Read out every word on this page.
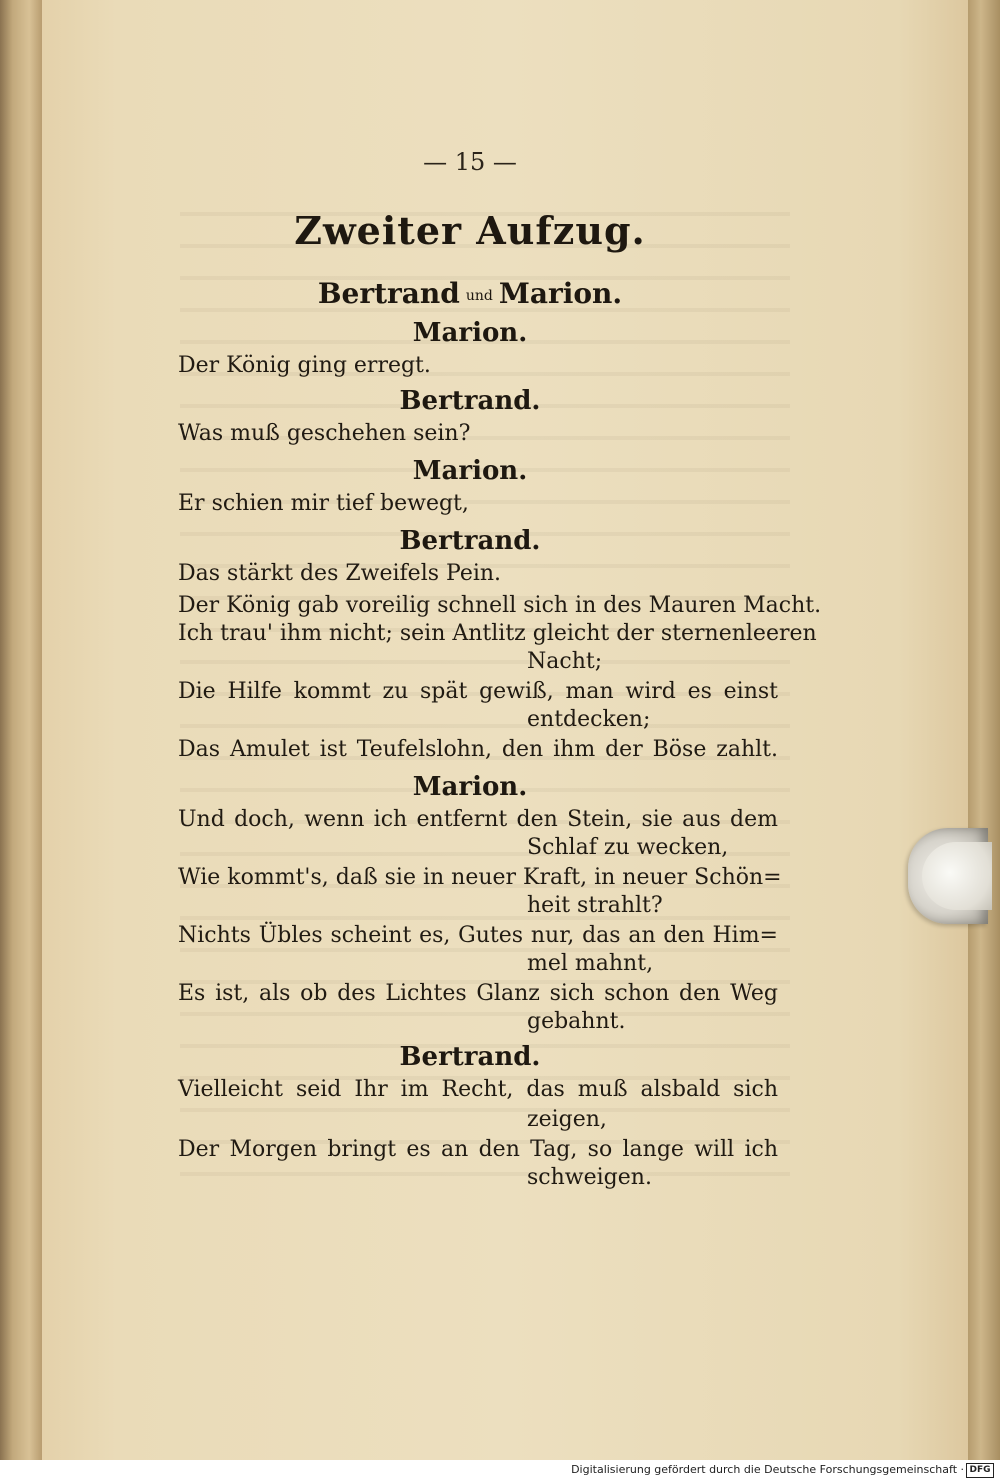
— 15 —
Zweiter Aufzug.
Bertrand und Marion.
Marion.
Der König ging erregt.
Bertrand.
Was muß geschehen sein?
Marion.
Er schien mir tief bewegt,
Bertrand.
Das stärkt des Zweifels Pein.
Der König gab voreilig schnell sich in des Mauren Macht.
Ich trau' ihm nicht; sein Antlitz gleicht der sternenleeren
Nacht;
Die Hilfe kommt zu spät gewiß, man wird es einst
entdecken;
Das Amulet ist Teufelslohn, den ihm der Böse zahlt.
Marion.
Und doch, wenn ich entfernt den Stein, sie aus dem
Schlaf zu wecken,
Wie kommt's, daß sie in neuer Kraft, in neuer Schön=
heit strahlt?
Nichts Übles scheint es, Gutes nur, das an den Him=
mel mahnt,
Es ist, als ob des Lichtes Glanz sich schon den Weg
gebahnt.
Bertrand.
Vielleicht seid Ihr im Recht, das muß alsbald sich
zeigen,
Der Morgen bringt es an den Tag, so lange will ich
schweigen.
Digitalisierung gefördert durch die Deutsche Forschungsgemeinschaft · DFG
